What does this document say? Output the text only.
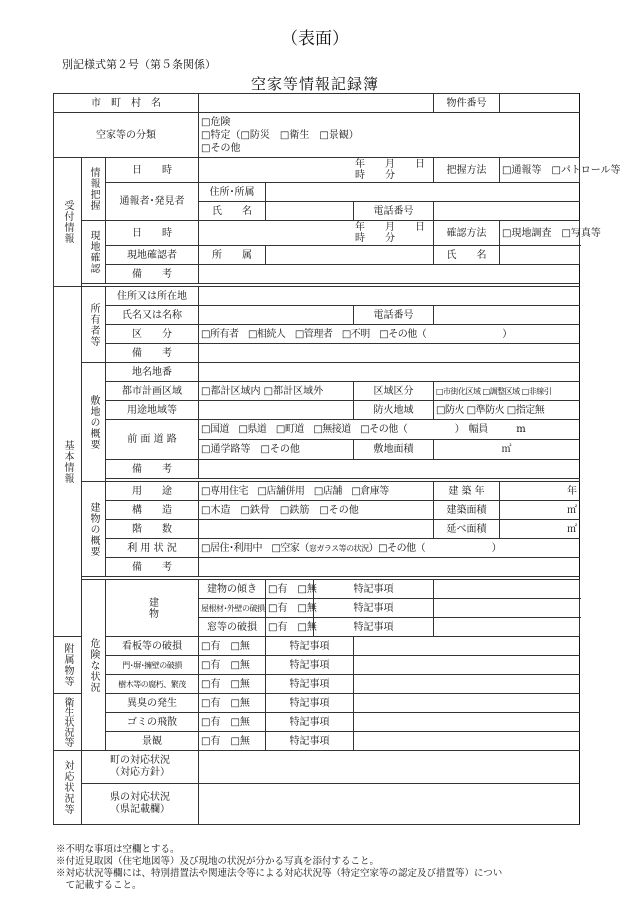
（表面）
別記様式第２号（第５条関係）
空家等情報記録簿
市　町　村　名							物件番号	
空家等の分類			□危険
□特定（□防災　□衛生　□景観）
□その他					

受付情報	情報把握	日　　時	年　　月　　日
時　　分				把握方法	□通報等　□パトロール等
		通報者･発見者	住所･所属					
			氏　　名			電話番号		
	現地確認	日　　時	年　　月　　日
時　　分				確認方法	□現地調査　□写真等
		現地確認者	所　　属				氏　　名	
		備　　考						

基本情報	所有者等	住所又は所在地						
		氏名又は名称				電話番号		
		区　　分	□所有者　□相続人　□管理者　□不明　□その他（　　　　　　　　）					
		備　　考						
	敷地の概要	地名地番						
		都市計画区域	□都計区域内 □都計区域外			区域区分	□市街化区域 □調整区域 □非線引	
		用途地域等				防火地域	□防火 □準防火 □指定無	
		前 面 道 路	□国道　□県道　□町道　□無接道　□その他（　　　　　）　幅員　　　m					
			□通学路等　□その他			敷地面積	㎡	
		備　　考						

	建物の概要	用　　途	□専用住宅　□店舗併用　□店舗　□倉庫等				建 築 年	年
		構　　造	□木造　□鉄骨　□鉄筋　□その他				建築面積	㎡
		階　　数					延べ面積	㎡
		利 用 状 況	□居住･利用中　□空家（窓ガラス等の状況）□その他（　　　　　　　）					
		備　　考						

	危険な状況	建物	建物の傾き	□有　□無	特記事項			
			屋根材･外壁の破損	□有　□無	特記事項			
			窓等の破損	□有　□無	特記事項			
附属物等		看板等の破損	□有　□無	特記事項				
		門･塀･擁壁の破損	□有　□無	特記事項				
		樹木等の腐朽、繁茂	□有　□無	特記事項				
衛生状況等		異臭の発生	□有　□無	特記事項				
		ゴミの飛散	□有　□無	特記事項				
		景観	□有　□無	特記事項				
対応状況等	町の対応状況
（対応方針）							

	県の対応状況
（県記載欄）							

※不明な事項は空欄とする。
※付近見取図（住宅地図等）及び現地の状況が分かる写真を添付すること。
※対応状況等欄には、特別措置法や関連法令等による対応状況等（特定空家等の認定及び措置等）につい
　て記載すること。
